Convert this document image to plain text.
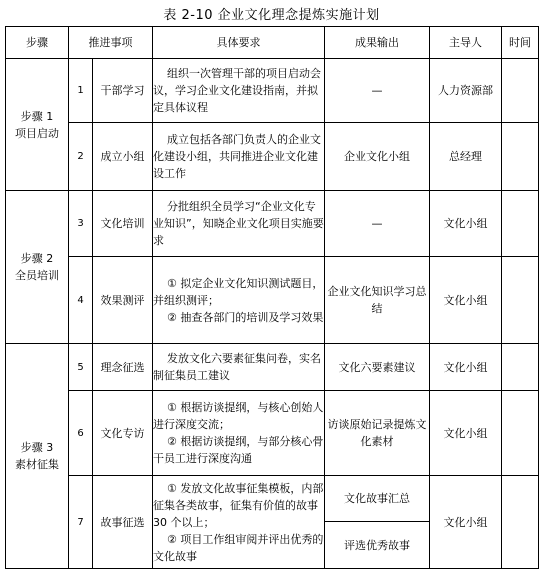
表 2-10 企业文化理念提炼实施计划
步骤	推进事项		具体要求	成果输出	主导人	时间

步骤 1
项目启动	1	干部学习	组织一次管理干部的项目启动会议，学习企业文化建设指南，并拟定具体议程	—	人力资源部	
	2	成立小组	成立包括各部门负责人的企业文化建设小组，共同推进企业文化建设工作	企业文化小组	总经理	

步骤 2
全员培训	3	文化培训	分批组织全员学习“企业文化专业知识”，知晓企业文化项目实施要求	—	文化小组	
	4	效果测评	① 拟定企业文化知识测试题目，并组织测评；
② 抽查各部门的培训及学习效果	企业文化知识学习总结	文化小组	

步骤 3
素材征集	5	理念征选	发放文化六要素征集问卷，实名制征集员工建议	文化六要素建议	文化小组	
	6	文化专访	① 根据访谈提纲，与核心创始人进行深度交流；
② 根据访谈提纲，与部分核心骨干员工进行深度沟通	访谈原始记录提炼文化素材	文化小组	
	7	故事征选	① 发放文化故事征集模板，内部征集各类故事，征集有价值的故事 30 个以上；
② 项目工作组审阅并评出优秀的文化故事	文化故事汇总	文化小组	
				评选优秀故事		
